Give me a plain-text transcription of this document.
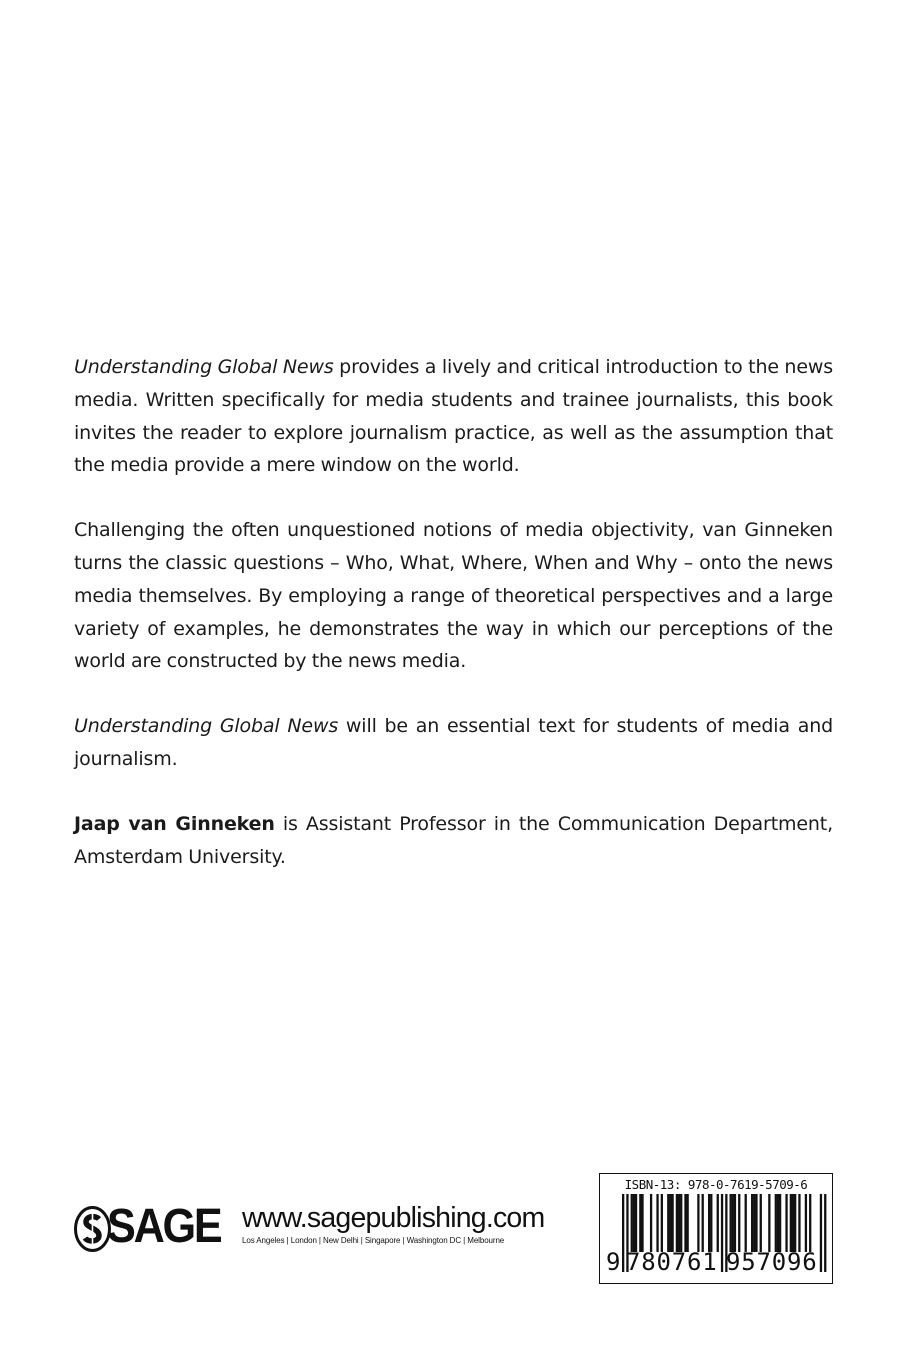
Understanding Global News provides a lively and critical introduction to the news media. Written specifically for media students and trainee journalists, this book invites the reader to explore journalism practice, as well as the assumption that the media provide a mere window on the world.

Challenging the often unquestioned notions of media objectivity, van Ginneken turns the classic questions – Who, What, Where, When and Why – onto the news media themselves. By employing a range of theoretical perspectives and a large variety of examples, he demonstrates the way in which our perceptions of the world are constructed by the news media.

Understanding Global News will be an essential text for students of media and journalism.

Jaap van Ginneken is Assistant Professor in the Communication Department, Amsterdam University.

SAGE www.sagepublishing.com
Los Angeles | London | New Delhi | Singapore | Washington DC | Melbourne
ISBN-13: 978-0-7619-5709-6
9 780761 957096
